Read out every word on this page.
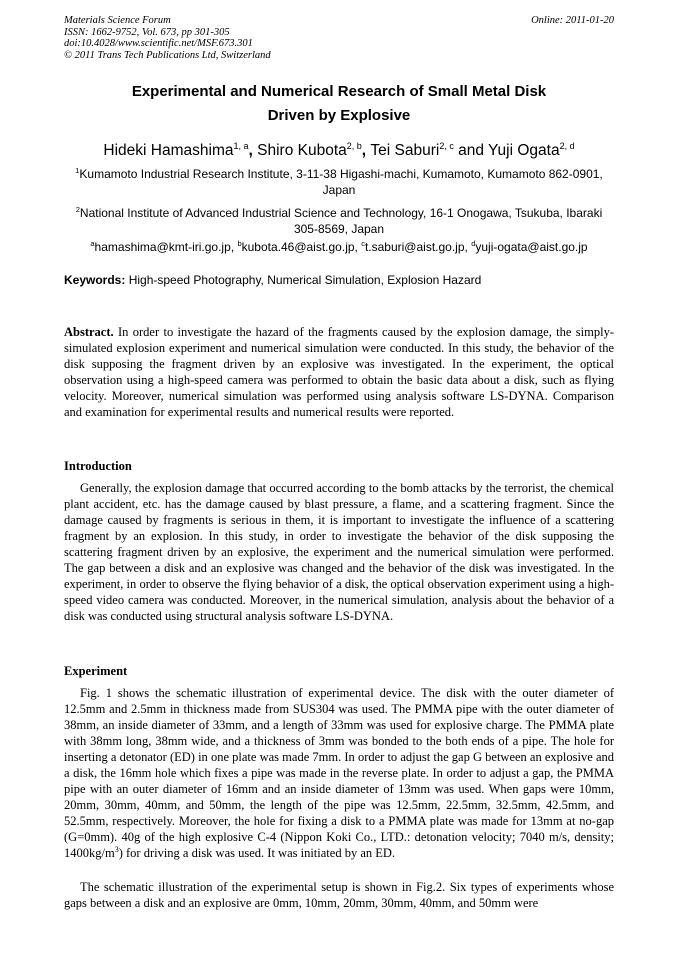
Materials Science Forum
ISSN: 1662-9752, Vol. 673, pp 301-305
doi:10.4028/www.scientific.net/MSF.673.301
© 2011 Trans Tech Publications Ltd, Switzerland
Online: 2011-01-20
Experimental and Numerical Research of Small Metal Disk
Driven by Explosive
Hideki Hamashima$^{1, a}$, Shiro Kubota$^{2, b}$, Tei Saburi$^{2, c}$ and Yuji Ogata$^{2, d}$
$^1$Kumamoto Industrial Research Institute, 3-11-38 Higashi-machi, Kumamoto, Kumamoto 862-0901, Japan
$^2$National Institute of Advanced Industrial Science and Technology, 16-1 Onogawa, Tsukuba, Ibaraki 305-8569, Japan
$^a$hamashima@kmt-iri.go.jp, $^b$kubota.46@aist.go.jp, $^c$t.saburi@aist.go.jp, $^d$yuji-ogata@aist.go.jp
Keywords: High-speed Photography, Numerical Simulation, Explosion Hazard
Abstract. In order to investigate the hazard of the fragments caused by the explosion damage, the simply-simulated explosion experiment and numerical simulation were conducted. In this study, the behavior of the disk supposing the fragment driven by an explosive was investigated. In the experiment, the optical observation using a high-speed camera was performed to obtain the basic data about a disk, such as flying velocity. Moreover, numerical simulation was performed using analysis software LS-DYNA. Comparison and examination for experimental results and numerical results were reported.
Introduction
Generally, the explosion damage that occurred according to the bomb attacks by the terrorist, the chemical plant accident, etc. has the damage caused by blast pressure, a flame, and a scattering fragment. Since the damage caused by fragments is serious in them, it is important to investigate the influence of a scattering fragment by an explosion. In this study, in order to investigate the behavior of the disk supposing the scattering fragment driven by an explosive, the experiment and the numerical simulation were performed. The gap between a disk and an explosive was changed and the behavior of the disk was investigated. In the experiment, in order to observe the flying behavior of a disk, the optical observation experiment using a high-speed video camera was conducted. Moreover, in the numerical simulation, analysis about the behavior of a disk was conducted using structural analysis software LS-DYNA.
Experiment
Fig. 1 shows the schematic illustration of experimental device. The disk with the outer diameter of 12.5mm and 2.5mm in thickness made from SUS304 was used. The PMMA pipe with the outer diameter of 38mm, an inside diameter of 33mm, and a length of 33mm was used for explosive charge. The PMMA plate with 38mm long, 38mm wide, and a thickness of 3mm was bonded to the both ends of a pipe. The hole for inserting a detonator (ED) in one plate was made 7mm. In order to adjust the gap G between an explosive and a disk, the 16mm hole which fixes a pipe was made in the reverse plate. In order to adjust a gap, the PMMA pipe with an outer diameter of 16mm and an inside diameter of 13mm was used. When gaps were 10mm, 20mm, 30mm, 40mm, and 50mm, the length of the pipe was 12.5mm, 22.5mm, 32.5mm, 42.5mm, and 52.5mm, respectively. Moreover, the hole for fixing a disk to a PMMA plate was made for 13mm at no-gap (G=0mm). 40g of the high explosive C-4 (Nippon Koki Co., LTD.: detonation velocity; 7040 m/s, density; $1400kg/m^3$) for driving a disk was used. It was initiated by an ED.
The schematic illustration of the experimental setup is shown in Fig.2. Six types of experiments whose gaps between a disk and an explosive are 0mm, 10mm, 20mm, 30mm, 40mm, and 50mm were
